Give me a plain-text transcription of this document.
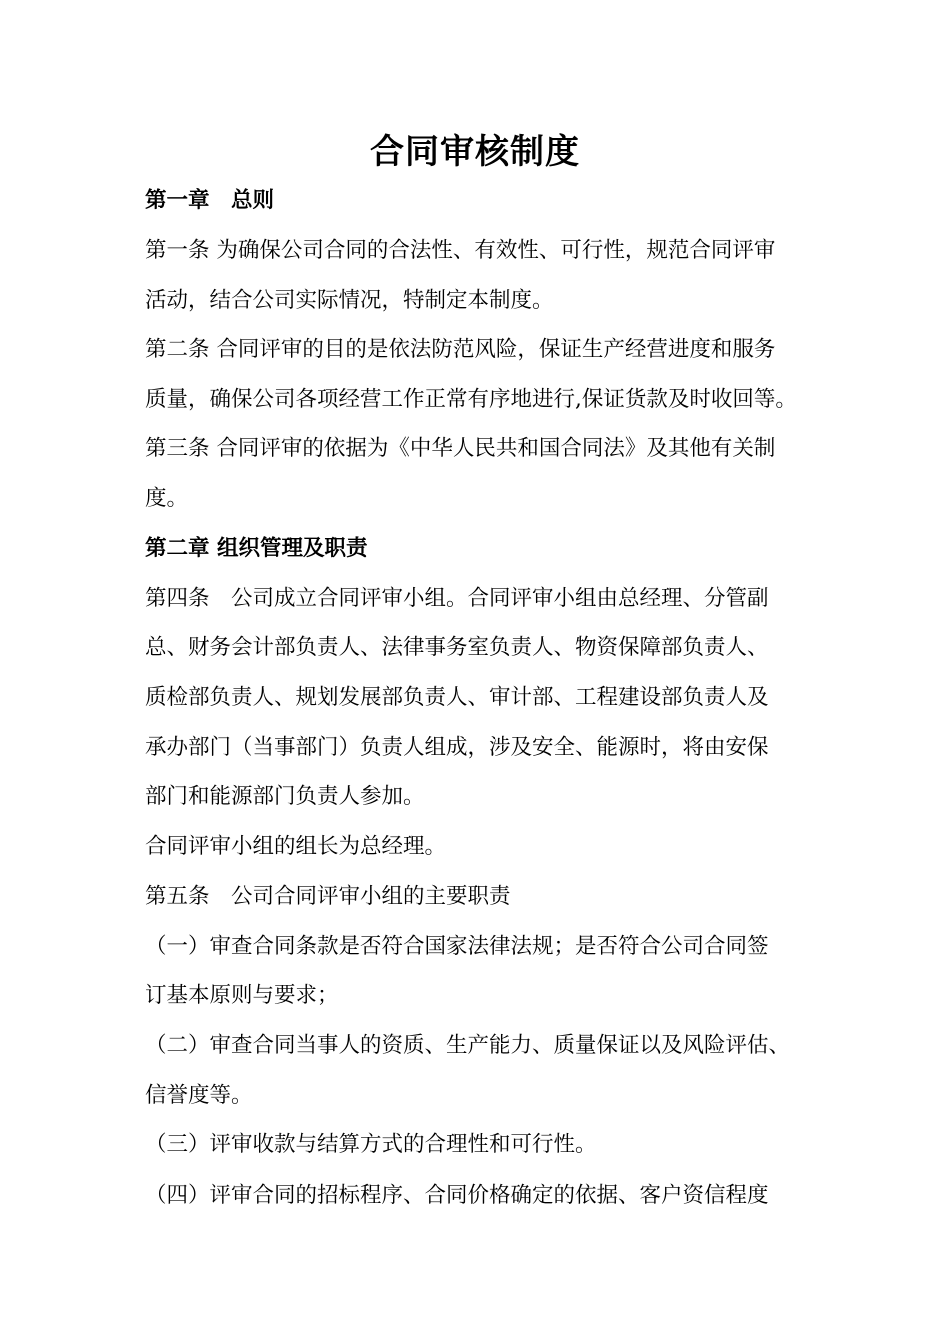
合同审核制度
第一章　总则
第一条 为确保公司合同的合法性、有效性、可行性，规范合同评审
活动，结合公司实际情况，特制定本制度。
第二条 合同评审的目的是依法防范风险，保证生产经营进度和服务
质量，确保公司各项经营工作正常有序地进行,保证货款及时收回等。
第三条 合同评审的依据为《中华人民共和国合同法》及其他有关制
度。
第二章 组织管理及职责
第四条　公司成立合同评审小组。合同评审小组由总经理、分管副
总、财务会计部负责人、法律事务室负责人、物资保障部负责人、
质检部负责人、规划发展部负责人、审计部、工程建设部负责人及
承办部门（当事部门）负责人组成，涉及安全、能源时，将由安保
部门和能源部门负责人参加。
合同评审小组的组长为总经理。
第五条　公司合同评审小组的主要职责
（一）审查合同条款是否符合国家法律法规；是否符合公司合同签
订基本原则与要求；
（二）审查合同当事人的资质、生产能力、质量保证以及风险评估、
信誉度等。
（三）评审收款与结算方式的合理性和可行性。
（四）评审合同的招标程序、合同价格确定的依据、客户资信程度
